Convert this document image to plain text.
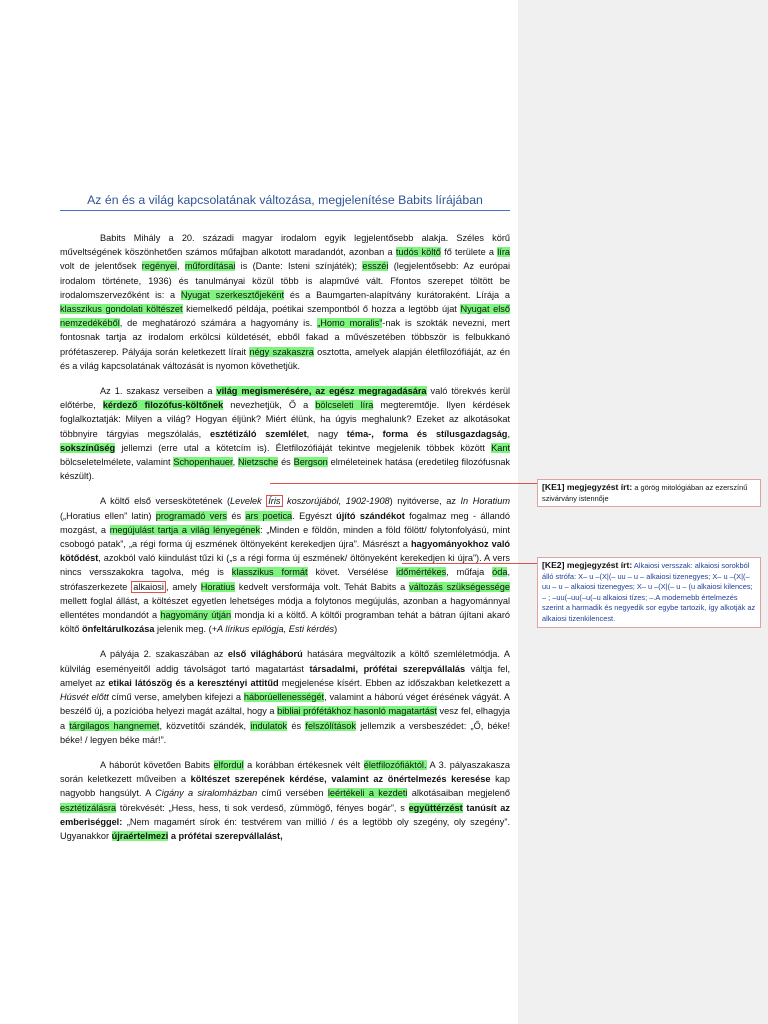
Az én és a világ kapcsolatának változása, megjelenítése Babits lírájában

Babits Mihály a 20. századi magyar irodalom egyik legjelentősebb alakja. Széles körű műveltségének köszönhetően számos műfajban alkotott maradandót, azonban a tudós költő fő területe a líra volt de jelentősek regényei, műfordításai is (Dante: Isteni színjáték); esszéi (legjelentősebb: Az európai irodalom története, 1936) és tanulmányai közül több is alapművé vált. Ffontos szerepet töltött be irodalomszervezőként is: a Nyugat szerkesztőjeként és a Baumgarten-alapítvány kurátoraként. Lírája a klasszikus gondolati költészet kiemelkedő példája, poétikai szempontból ő hozza a legtöbb újat Nyugat első nemzedékéből, de meghatározó számára a hagyomány is. „Homo moralis”-nak is szokták nevezni, mert fontosnak tartja az irodalom erkölcsi küldetését, ebből fakad a művészetében többször is felbukkanó prófétaszerep. Pályája során keletkezett lírait négy szakaszra osztotta, amelyek alapján életfilozófiáját, az én és a világ kapcsolatának változását is nyomon követhetjük.

Az 1. szakasz verseiben a világ megismerésére, az egész megragadására való törekvés kerül előtérbe, kérdező filozófus-költőnek nevezhetjük, Ő a bölcseleti líra megteremtője. Ilyen kérdések foglalkoztatják: Milyen a világ? Hogyan éljünk? Miért élünk, ha úgyis meghalunk? Ezeket az alkotásokat többnyire tárgyias megszólalás, esztétizáló szemlélet, nagy téma-, forma és stílusgazdagság, sokszínűség jellemzi (erre utal a kötetcím is). Életfilozófiáját tekintve megjelenik többek között Kant bölcseletelmélete, valamint Schopenhauer, Nietzsche és Bergson elméleteinek hatása (eredetileg filozófusnak készült).

A költő első verseskötetének (Levelek Íris koszorújából, 1902-1908) nyitóverse, az In Horatium („Horatius ellen” latin) programadó vers és ars poetica. Egyészt újító szándékot fogalmaz meg - állandó mozgást, a megújulást tartja a világ lényegének: „Minden e földön, minden a föld fölött/ folytonfolyású, mint csobogó patak”, „a régi forma új eszmének öltönyeként kerekedjen újra”. Másrészt a hagyományokhoz való kötődést, azokból való kiindulást tűzi ki („s a régi forma új eszmének/ öltönyeként kerekedjen ki újra”). A vers nincs versszakokra tagolva, még is klasszikus formát követ. Versélése időmértékes, műfaja óda, strófaszerkezete alkaiosi , amely Horatius kedvelt versformája volt. Tehát Babits a változás szükségessége mellett foglal állást, a költészet egyetlen lehetséges módja a folytonos megújulás, azonban a hagyománnyal ellentétes mondandót a hagyomány útján mondja ki a költő. A költői programban tehát a bátran újítani akaró költő önfeltárulkozása jelenik meg. (+A lírikus epilógja, Esti kérdés)

A pályája 2. szakaszában az első világháború hatására megváltozik a költő szemléletmódja. A külvilág eseményeitől addig távolságot tartó magatartást társadalmi, prófétai szerepvállalás váltja fel, amelyet az etikai látószög és a keresztényi attitűd megjelenése kísért. Ebben az időszakban keletkezett a Húsvét előtt című verse, amelyben kifejezi a háborúellenességét, valamint a háború véget érésének vágyát. A beszélő új, a pozícióba helyezi magát azáltal, hogy a bibliai prófétákhoz hasonló magatartást vesz fel, elhagyja a tárgilagos hangnemet, közvetítői szándék, indulatok és felszólítások jellemzik a versbeszédet: „Ő, béke! béke! / legyen béke már!”.

A háborút követően Babits elfordul a korábban értékesnek vélt életfilozófiáktól. A 3. pályaszakasza során keletkezett műveiben a költészet szerepének kérdése, valamint az önértelmezés keresése kap nagyobb hangsúlyt. A Cigány a siralomházban című versében leértékeli a kezdeti alkotásaiban megjelenő esztétizálásra törekvését: „Hess, hess, ti sok verdeső, zümmögő, fényes bogár”, s együttérzést tanúsít az emberiséggel: „Nem magamért sírok én: testvérem van millió / és a legtöbb oly szegény, oly szegény”. Ugyanakkor újraértelmezi a prófétai szerepvállalást,

[KE1] megjegyzést írt: a görög mitológiában az ezerszínű szivárvány istennője
[KE2] megjegyzést írt: Alkaiosi versszak: alkaiosi sorokból álló strófa: X– u –(X|(– uu – u – alkaiosi tizenegyes; X– u –(X|(– uu – u – alkaiosi tizenegyes; X– u –(X|(– u – (u alkaiosi kilences; – ; –uu(–uu(–u(–u alkaiosi tízes; –.A modernebb értelmezés szerint a harmadik és negyedik sor egybe tartozik, így alkotják az alkaiosi tizenkilencest.
